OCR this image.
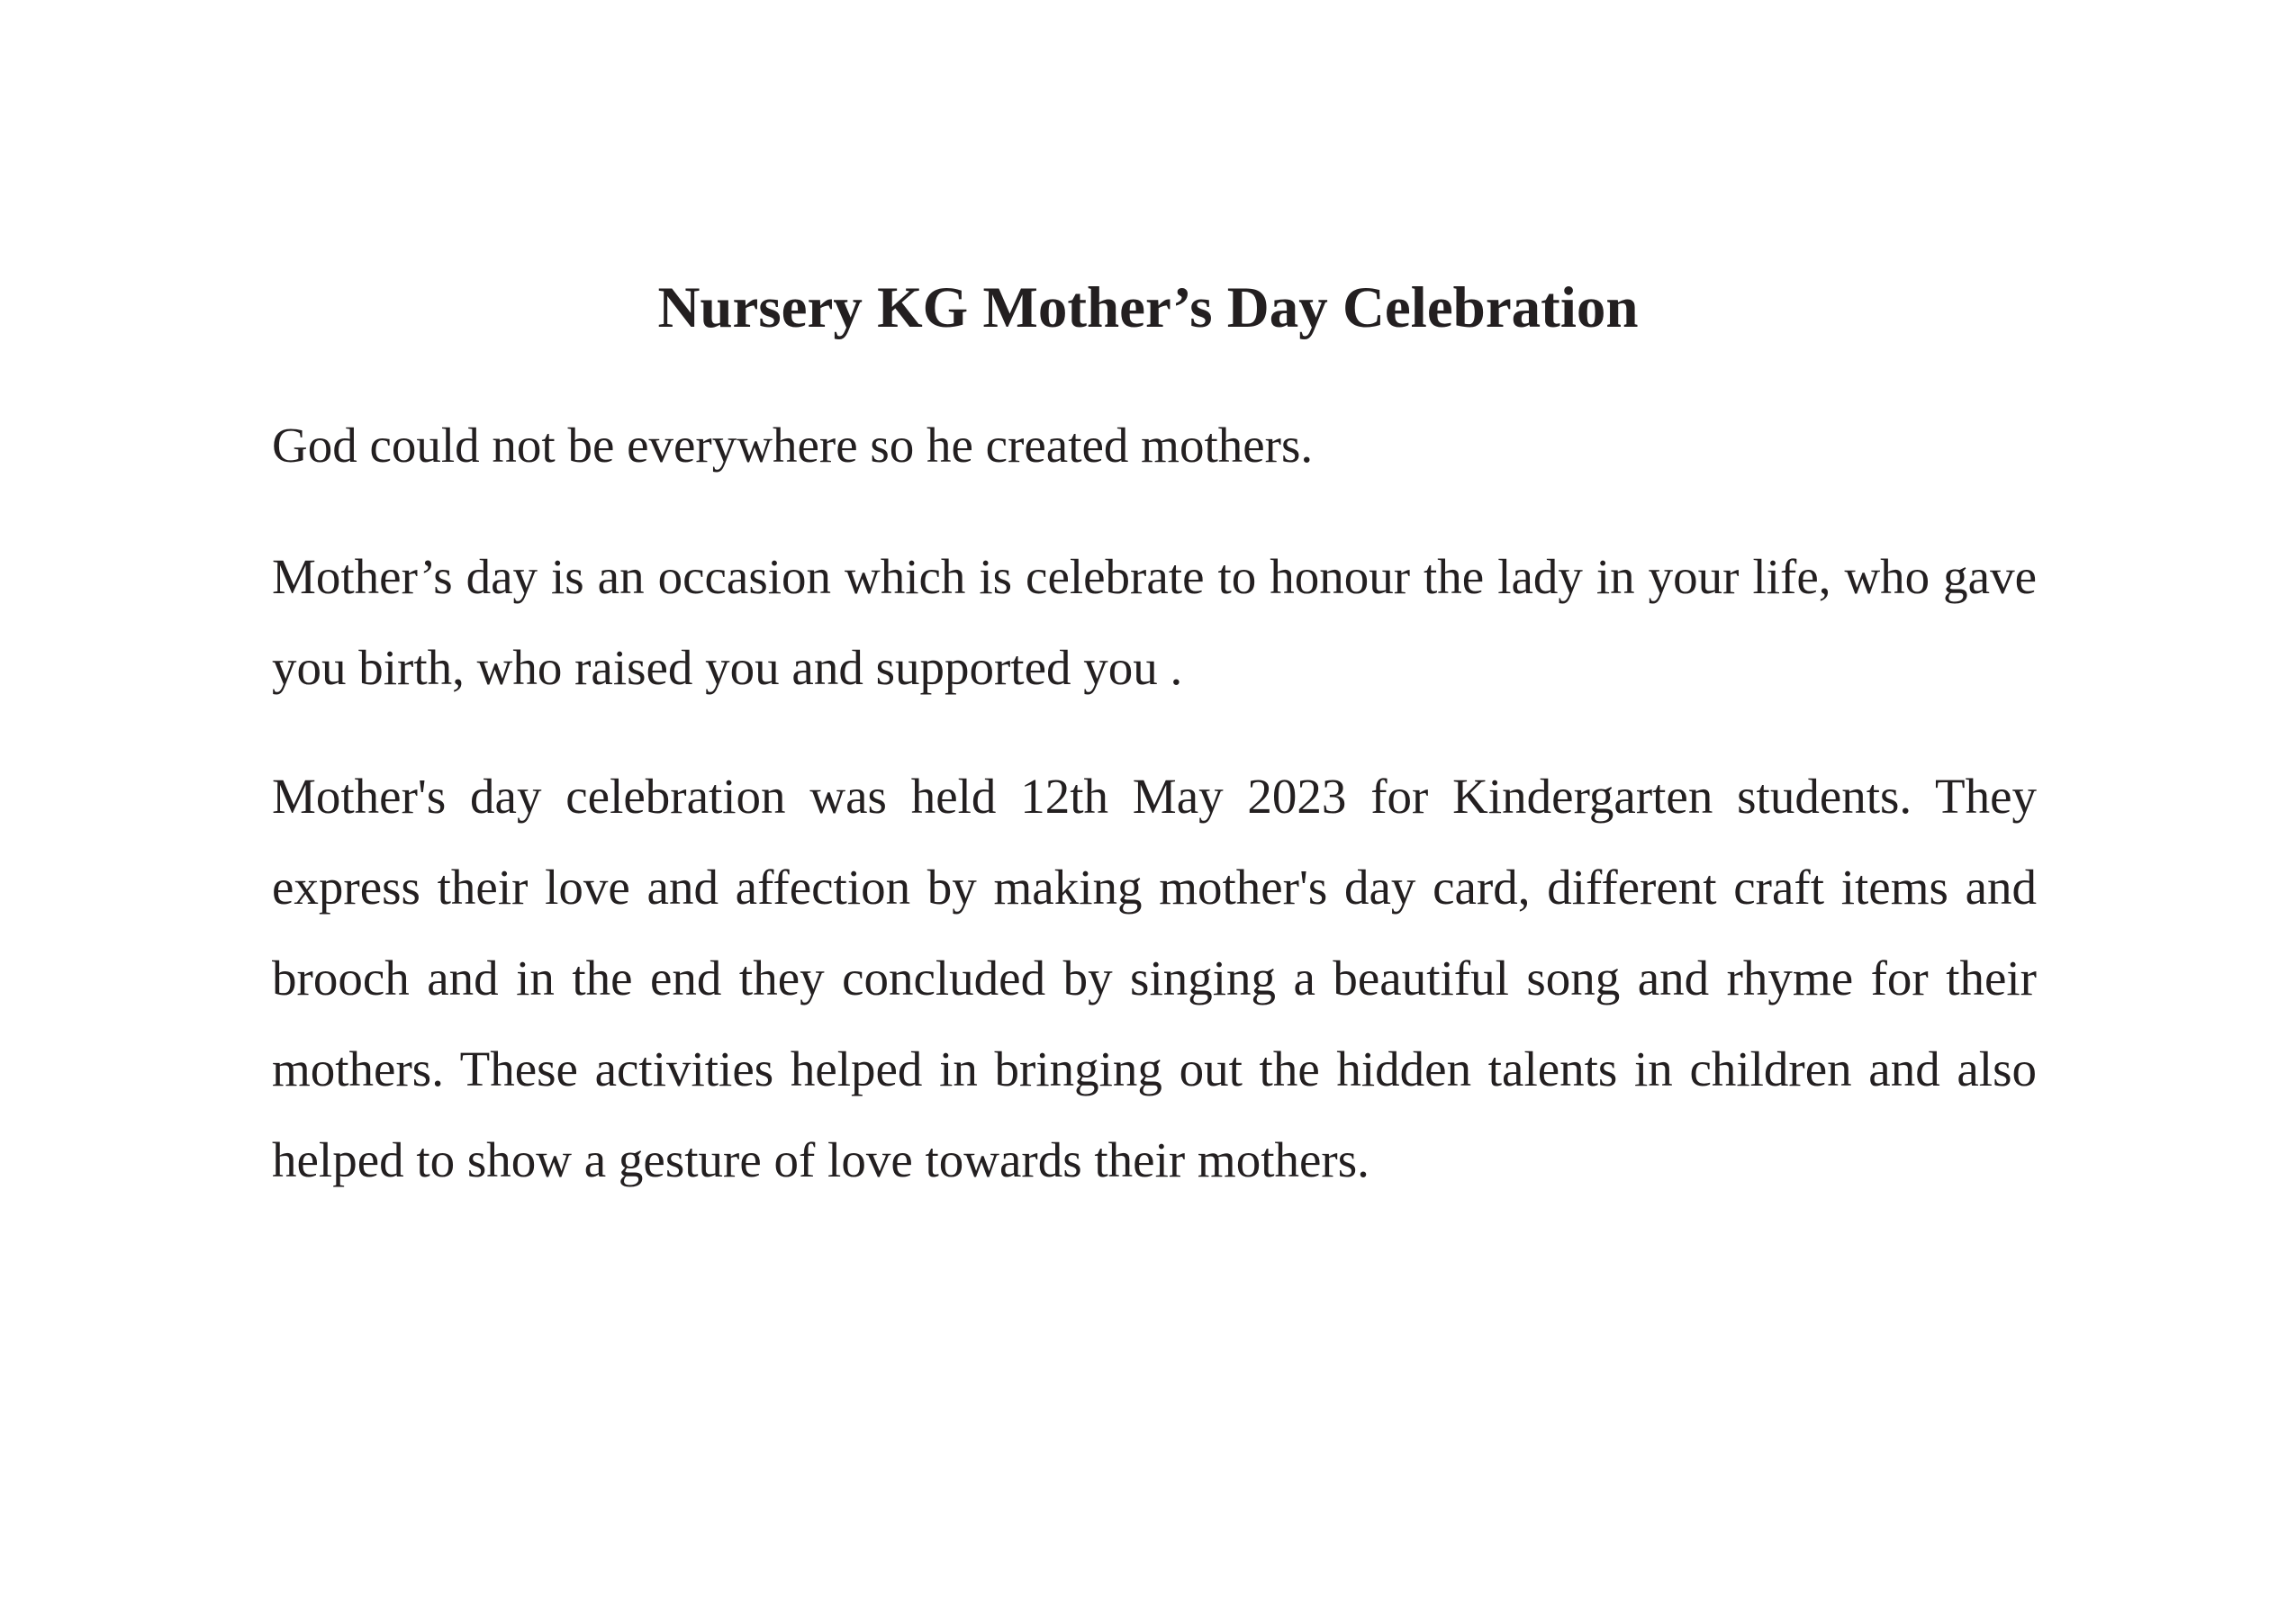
Nursery KG Mother’s Day Celebration

God could not be everywhere so he created mothers.

Mother’s day is an occasion which is celebrate to honour the lady in your life, who gave you birth, who raised you and supported you .

Mother's day celebration was held 12th May 2023 for Kindergarten students. They express their love and affection by making mother's day card, different craft items and brooch and in the end they concluded by singing a beautiful song and rhyme for their mothers. These activities helped in bringing out the hidden talents in children and also helped to show a gesture of love towards their mothers.
